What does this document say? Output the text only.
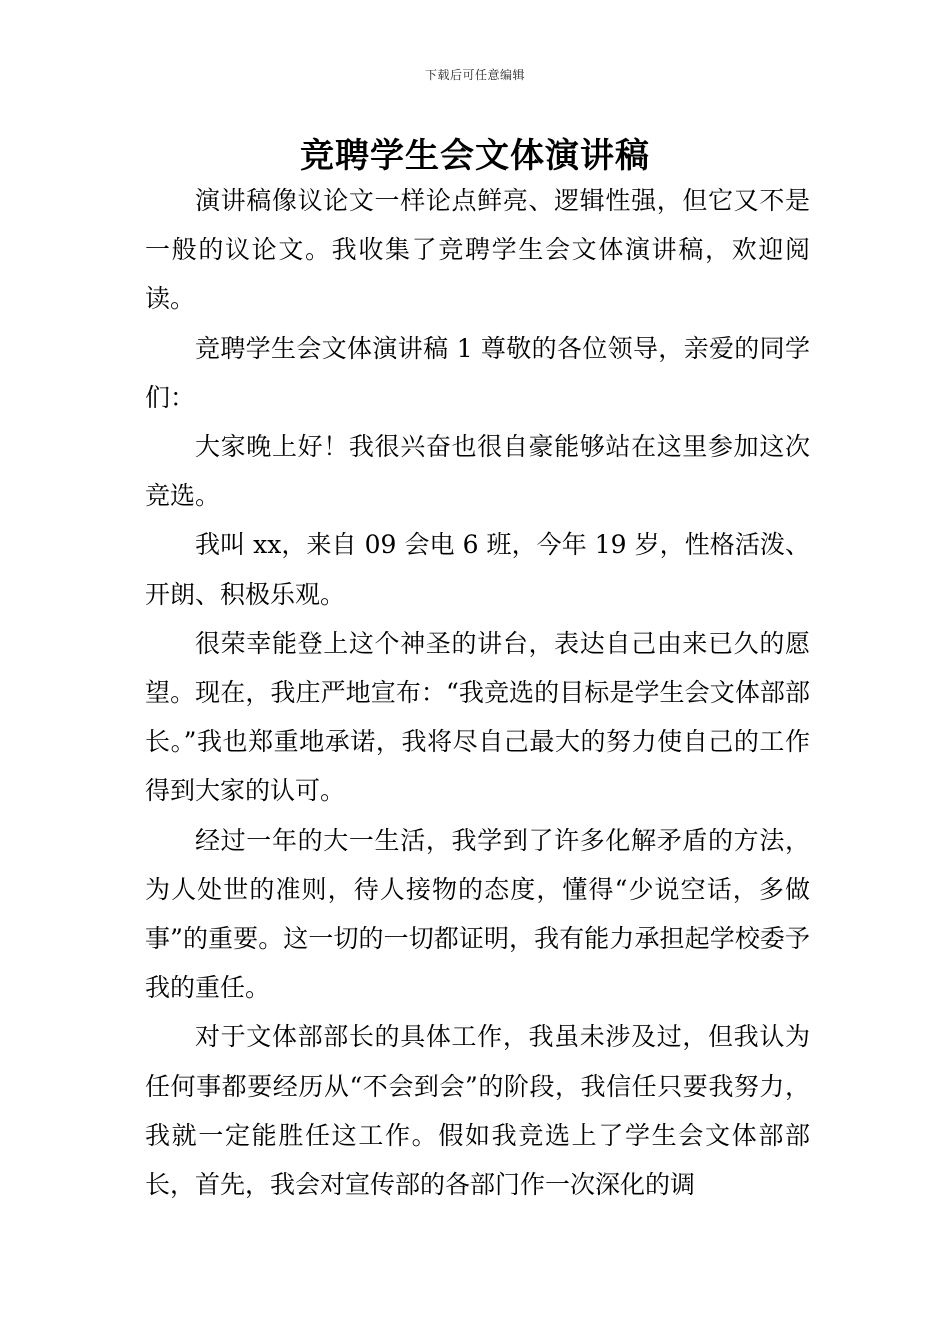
下载后可任意编辑
竞聘学生会文体演讲稿

演讲稿像议论文一样论点鲜亮、逻辑性强，但它又不是一般的议论文。我收集了竞聘学生会文体演讲稿，欢迎阅读。

竞聘学生会文体演讲稿 1 尊敬的各位领导，亲爱的同学们：

大家晚上好！我很兴奋也很自豪能够站在这里参加这次竞选。

我叫 xx，来自 09 会电 6 班，今年 19 岁，性格活泼、开朗、积极乐观。

很荣幸能登上这个神圣的讲台，表达自己由来已久的愿望。现在，我庄严地宣布：“我竞选的目标是学生会文体部部长。”我也郑重地承诺，我将尽自己最大的努力使自己的工作得到大家的认可。

经过一年的大一生活，我学到了许多化解矛盾的方法，为人处世的准则，待人接物的态度，懂得“少说空话，多做事”的重要。这一切的一切都证明，我有能力承担起学校委予我的重任。

对于文体部部长的具体工作，我虽未涉及过，但我认为任何事都要经历从“不会到会”的阶段，我信任只要我努力，我就一定能胜任这工作。假如我竞选上了学生会文体部部长，首先，我会对宣传部的各部门作一次深化的调
